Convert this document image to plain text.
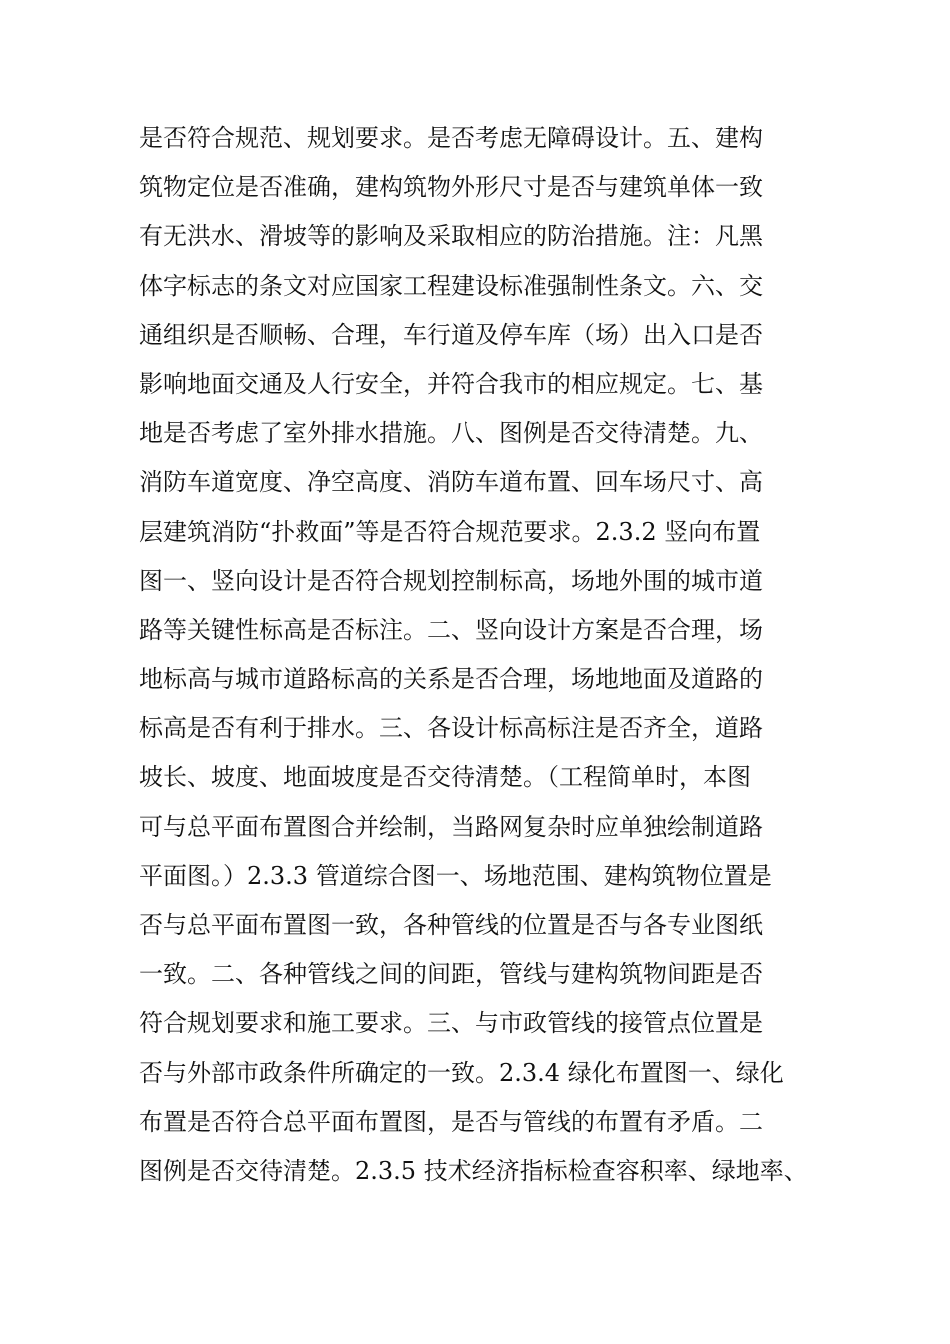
是否符合规范、规划要求。是否考虑无障碍设计。五、建构
筑物定位是否准确，建构筑物外形尺寸是否与建筑单体一致
有无洪水、滑坡等的影响及采取相应的防治措施。注：凡黑
体字标志的条文对应国家工程建设标准强制性条文。六、交
通组织是否顺畅、合理，车行道及停车库（场）出入口是否
影响地面交通及人行安全，并符合我市的相应规定。七、基
地是否考虑了室外排水措施。八、图例是否交待清楚。九、
消防车道宽度、净空高度、消防车道布置、回车场尺寸、高
层建筑消防“扑救面”等是否符合规范要求。2.3.2 竖向布置
图一、竖向设计是否符合规划控制标高，场地外围的城市道
路等关键性标高是否标注。二、竖向设计方案是否合理，场
地标高与城市道路标高的关系是否合理，场地地面及道路的
标高是否有利于排水。三、各设计标高标注是否齐全，道路
坡长、坡度、地面坡度是否交待清楚。（工程简单时，本图
可与总平面布置图合并绘制，当路网复杂时应单独绘制道路
平面图。）2.3.3 管道综合图一、场地范围、建构筑物位置是
否与总平面布置图一致，各种管线的位置是否与各专业图纸
一致。二、各种管线之间的间距，管线与建构筑物间距是否
符合规划要求和施工要求。三、与市政管线的接管点位置是
否与外部市政条件所确定的一致。2.3.4 绿化布置图一、绿化
布置是否符合总平面布置图，是否与管线的布置有矛盾。二
图例是否交待清楚。2.3.5 技术经济指标检查容积率、绿地率、
